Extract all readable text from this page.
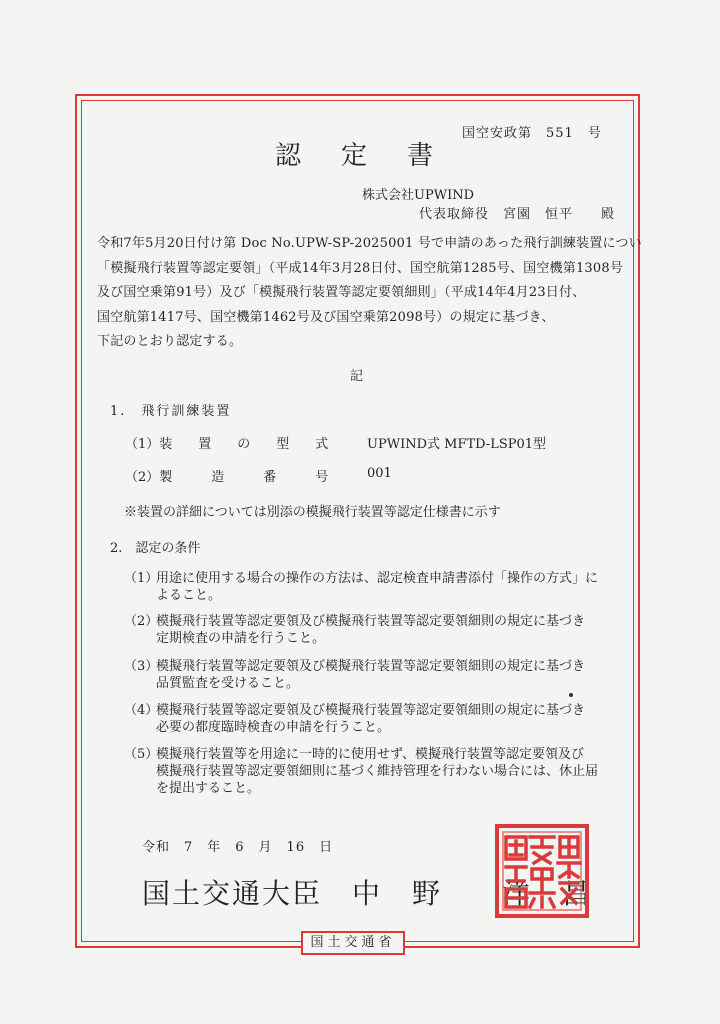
国空安政第　551　号
認定書
株式会社UPWIND
代表取締役　宮園　恒平　　殿
令和7年5月20日付け第 Doc No.UPW-SP-2025001 号で申請のあった飛行訓練装置につい
「模擬飛行装置等認定要領」（平成14年3月28日付、国空航第1285号、国空機第1308号
及び国空乗第91号）及び「模擬飛行装置等認定要領細則」（平成14年4月23日付、
国空航第1417号、国空機第1462号及び国空乗第2098号）の規定に基づき、
下記のとおり認定する。
記
1.　飛行訓練装置
（1）装　　置　　の　　型　　式	UPWIND式 MFTD-LSP01型
（2）製　　　造　　　番　　　号	001
※装置の詳細については別添の模擬飛行装置等認定仕様書に示す
2.　認定の条件
（1）
用途に使用する場合の操作の方法は、認定検査申請書添付「操作の方式」に
よること。
（2）
模擬飛行装置等認定要領及び模擬飛行装置等認定要領細則の規定に基づき
定期検査の申請を行うこと。
（3）
模擬飛行装置等認定要領及び模擬飛行装置等認定要領細則の規定に基づき
品質監査を受けること。
（4）
模擬飛行装置等認定要領及び模擬飛行装置等認定要領細則の規定に基づき
必要の都度臨時検査の申請を行うこと。
（5）
模擬飛行装置等を用途に一時的に使用せず、模擬飛行装置等認定要領及び
模擬飛行装置等認定要領細則に基づく維持管理を行わない場合には、休止届
を提出すること。
令和　7　年　6　月　16　日
国土交通大臣　中　野　　洋　昌
国土交通大臣之印
国土交通省
